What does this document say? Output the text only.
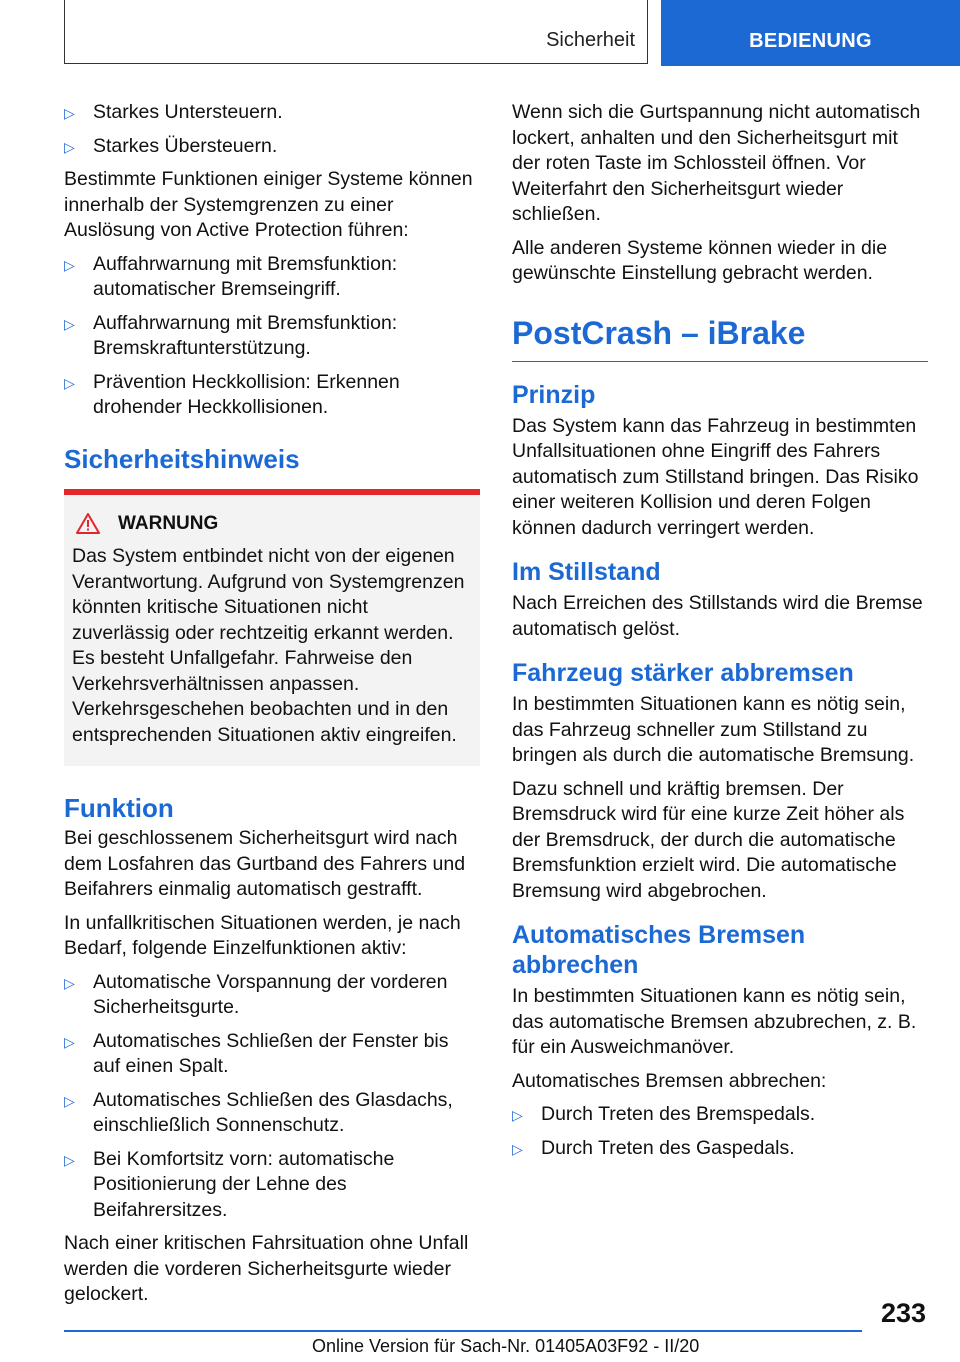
Sicherheit	BEDIENUNG
▷ Starkes Untersteuern.
▷ Starkes Übersteuern.

Bestimmte Funktionen einiger Systeme können innerhalb der Systemgrenzen zu einer Auslösung von Active Protection führen:

▷ Auffahrwarnung mit Bremsfunktion: automatischer Bremseingriff.
▷ Auffahrwarnung mit Bremsfunktion: Bremskraftunterstützung.
▷ Prävention Heckkollision: Erkennen drohender Heckkollisionen.
Sicherheitshinweis
WARNUNG
Das System entbindet nicht von der eigenen Verantwortung. Aufgrund von Systemgrenzen könnten kritische Situationen nicht zuverlässig oder rechtzeitig erkannt werden. Es besteht Unfallgefahr. Fahrweise den Verkehrsverhältnissen anpassen. Verkehrsgeschehen beobachten und in den entsprechenden Situationen aktiv eingreifen.
Funktion

Bei geschlossenem Sicherheitsgurt wird nach dem Losfahren das Gurtband des Fahrers und Beifahrers einmalig automatisch gestrafft.

In unfallkritischen Situationen werden, je nach Bedarf, folgende Einzelfunktionen aktiv:

▷ Automatische Vorspannung der vorderen Sicherheitsgurte.
▷ Automatisches Schließen der Fenster bis auf einen Spalt.
▷ Automatisches Schließen des Glasdachs, einschließlich Sonnenschutz.
▷ Bei Komfortsitz vorn: automatische Positionierung der Lehne des Beifahrersitzes.

Nach einer kritischen Fahrsituation ohne Unfall werden die vorderen Sicherheitsgurte wieder gelockert.

Wenn sich die Gurtspannung nicht automatisch lockert, anhalten und den Sicherheitsgurt mit der roten Taste im Schlossteil öffnen. Vor Weiterfahrt den Sicherheitsgurt wieder schließen.

Alle anderen Systeme können wieder in die gewünschte Einstellung gebracht werden.

PostCrash – iBrake
Prinzip

Das System kann das Fahrzeug in bestimmten Unfallsituationen ohne Eingriff des Fahrers automatisch zum Stillstand bringen. Das Risiko einer weiteren Kollision und deren Folgen können dadurch verringert werden.

Im Stillstand

Nach Erreichen des Stillstands wird die Bremse automatisch gelöst.

Fahrzeug stärker abbremsen

In bestimmten Situationen kann es nötig sein, das Fahrzeug schneller zum Stillstand zu bringen als durch die automatische Bremsung.

Dazu schnell und kräftig bremsen. Der Bremsdruck wird für eine kurze Zeit höher als der Bremsdruck, der durch die automatische Bremsfunktion erzielt wird. Die automatische Bremsung wird abgebrochen.

Automatisches Bremsen abbrechen

In bestimmten Situationen kann es nötig sein, das automatische Bremsen abzubrechen, z. B. für ein Ausweichmanöver.

Automatisches Bremsen abbrechen:

▷ Durch Treten des Bremspedals.
▷ Durch Treten des Gaspedals.
233
Online Version für Sach-Nr. 01405A03F92 - II/20
